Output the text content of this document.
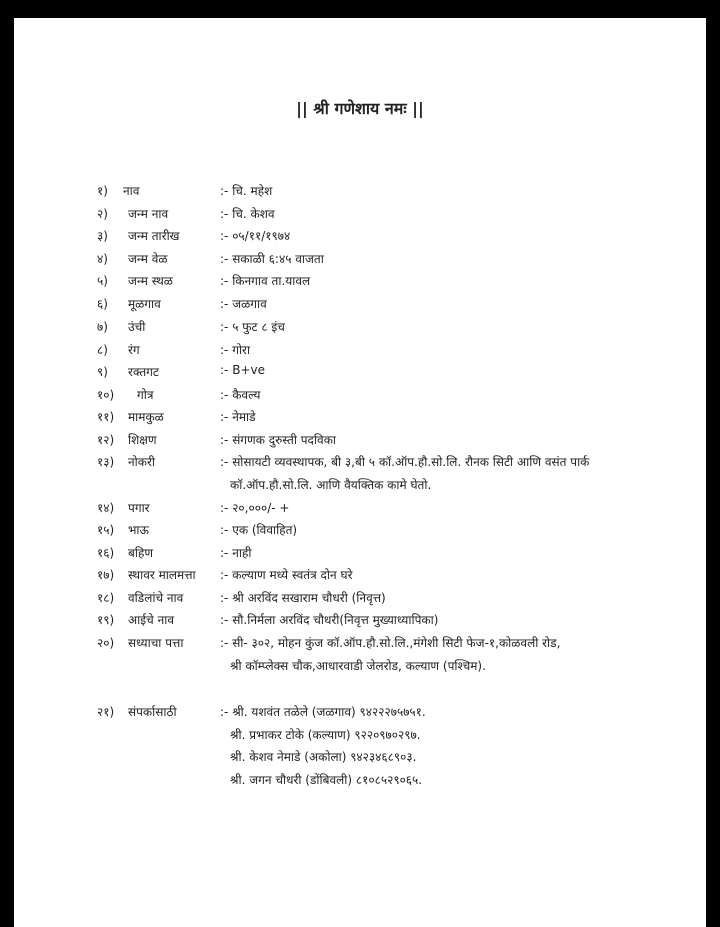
|| श्री गणेशाय नमः ||
१) नाव	:- चि. महेश
२) जन्म नाव	:- चि. केशव
३) जन्म तारीख	:- ०५/११/१९७४
४) जन्म वेळ	:- सकाळी ६:४५ वाजता
५) जन्म स्थळ	:- किनगाव ता.यावल
६) मूळगाव	:- जळगाव
७) उंची	:- ५ फुट ८ इंच
८) रंग	:- गोरा
९) रक्तगट	:- B+ve
१०) गोत्र	:- कैवल्य
११) मामकुळ	:- नेमाडे
१२) शिक्षण	:- संगणक दुरुस्ती पदविका
१३) नोकरी	:- सोसायटी व्यवस्थापक, बी ३,बी ५ कॉ.ऑप.हौ.सो.लि. रौनक सिटी आणि वसंत पार्क
कॉ.ऑप.हौ.सो.लि. आणि वैयक्तिक कामे घेतो.
१४) पगार	:- २०,०००/- +
१५) भाऊ	:- एक (विवाहित)
१६) बहिण	:- नाही
१७) स्थावर मालमत्ता :- कल्याण मध्ये स्वतंत्र दोन घरे
१८) वडिलांचे नाव	:- श्री अरविंद सखाराम चौधरी (निवृत्त)
१९) आईचे नाव	:- सौ.निर्मला अरविंद चौधरी(निवृत्त मुख्याध्यापिका)
२०) सध्याचा पत्ता	:- सी- ३०२, मोहन कुंज कॉ.ऑप.हौ.सो.लि.,मंगेशी सिटी फेज-१,कोळवली रोड,
श्री कॉम्प्लेक्स चौक,आधारवाडी जेलरोड, कल्याण (पश्चिम).
२१) संपर्कासाठी	:- श्री. यशवंत तळेले (जळगाव) ९४२२२७५७५१.
श्री. प्रभाकर टोके (कल्याण) ९२२०९७०२९७.
श्री. केशव नेमाडे (अकोला) ९४२३४६८९०३.
श्री. जगन चौधरी (डोंबिवली) ८१०८५२९०६५.
